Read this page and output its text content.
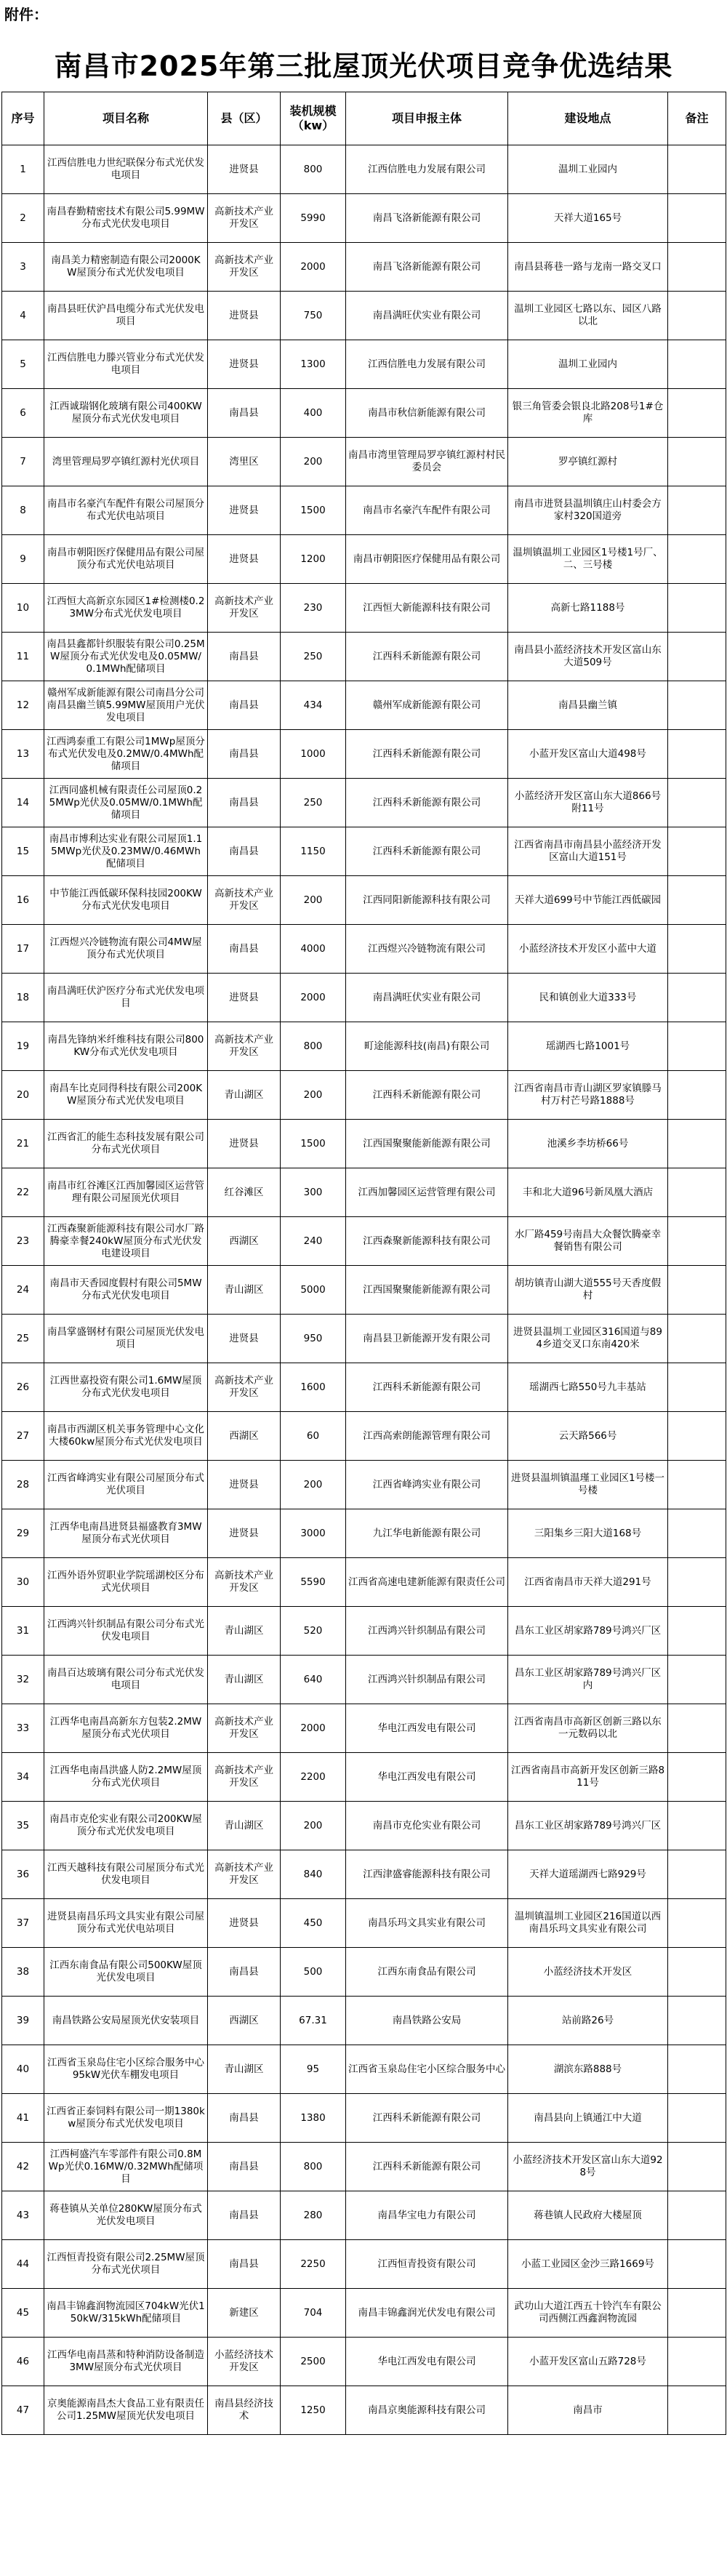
附件：
南昌市2025年第三批屋顶光伏项目竞争优选结果
序号	项目名称	县（区）	装机规模（kw）	项目申报主体	建设地点	备注
1	江西信胜电力世纪联保分布式光伏发电项目	进贤县	800	江西信胜电力发展有限公司	温圳工业园内	
2	南昌春勤精密技术有限公司5.99MW分布式光伏发电项目	高新技术产业开发区	5990	南昌飞洛新能源有限公司	天祥大道165号	
3	南昌美力精密制造有限公司2000KW屋顶分布式光伏发电项目	高新技术产业开发区	2000	南昌飞洛新能源有限公司	南昌县蒋巷一路与龙南一路交叉口	
4	南昌县旺伏沪昌电缆分布式光伏发电项目	进贤县	750	南昌满旺伏实业有限公司	温圳工业园区七路以东、园区八路以北	
5	江西信胜电力滕兴管业分布式光伏发电项目	进贤县	1300	江西信胜电力发展有限公司	温圳工业园内	
6	江西诚瑞钢化玻璃有限公司400KW屋顶分布式光伏发电项目	南昌县	400	南昌市秋信新能源有限公司	银三角管委会银良北路208号1#仓库	
7	湾里管理局罗亭镇红源村光伏项目	湾里区	200	南昌市湾里管理局罗亭镇红源村村民委员会	罗亭镇红源村	
8	南昌市名豪汽车配件有限公司屋顶分布式光伏电站项目	进贤县	1500	南昌市名豪汽车配件有限公司	南昌市进贤县温圳镇庄山村委会方家村320国道旁	
9	南昌市朝阳医疗保健用品有限公司屋顶分布式光伏电站项目	进贤县	1200	南昌市朝阳医疗保健用品有限公司	温圳镇温圳工业园区1号楼1号厂、二、三号楼	
10	江西恒大高新京东园区1#检测楼0.23MW分布式光伏发电项目	高新技术产业开发区	230	江西恒大新能源科技有限公司	高新七路1188号	
11	南昌县鑫都针织服装有限公司0.25MW屋顶分布式光伏发电及0.05MW/0.1MWh配储项目	南昌县	250	江西科禾新能源有限公司	南昌县小蓝经济技术开发区富山东大道509号	
12	赣州军成新能源有限公司南昌分公司南昌县幽兰镇5.99MW屋顶用户光伏发电项目	南昌县	434	赣州军成新能源有限公司	南昌县幽兰镇	
13	江西鸿泰重工有限公司1MWp屋顶分布式光伏发电及0.2MW/0.4MWh配储项目	南昌县	1000	江西科禾新能源有限公司	小蓝开发区富山大道498号	
14	江西同盛机械有限责任公司屋顶0.25MWp光伏及0.05MW/0.1MWh配储项目	南昌县	250	江西科禾新能源有限公司	小蓝经济开发区富山东大道866号附11号	
15	南昌市博利达实业有限公司屋顶1.15MWp光伏及0.23MW/0.46MWh配储项目	南昌县	1150	江西科禾新能源有限公司	江西省南昌市南昌县小蓝经济开发区富山大道151号	
16	中节能江西低碳环保科技园200KW分布式光伏发电项目	高新技术产业开发区	200	江西同阳新能源科技有限公司	天祥大道699号中节能江西低碳园	
17	江西煜兴冷链物流有限公司4MW屋顶分布式光伏项目	南昌县	4000	江西煜兴冷链物流有限公司	小蓝经济技术开发区小蓝中大道	
18	南昌满旺伏沪医疗分布式光伏发电项目	进贤县	2000	南昌满旺伏实业有限公司	民和镇创业大道333号	
19	南昌先锋纳米纤维科技有限公司800KW分布式光伏发电项目	高新技术产业开发区	800	町途能源科技(南昌)有限公司	瑶湖西七路1001号	
20	南昌车比克同得科技有限公司200KW屋顶分布式光伏发电项目	青山湖区	200	江西科禾新能源有限公司	江西省南昌市青山湖区罗家镇滕马村万村芒号路1888号	
21	江西省汇的能生态科技发展有限公司分布式光伏项目	进贤县	1500	江西国聚聚能新能源有限公司	池溪乡李坊桥66号	
22	南昌市红谷滩区江西加馨园区运营管理有限公司屋顶光伏项目	红谷滩区	300	江西加馨园区运营管理有限公司	丰和北大道96号新凤凰大酒店	
23	江西森聚新能源科技有限公司水厂路腾豪幸餐240kW屋顶分布式光伏发电建设项目	西湖区	240	江西森聚新能源科技有限公司	水厂路459号南昌大众餐饮腾豪幸餐销售有限公司	
24	南昌市天香园度假村有限公司5MW分布式光伏发电项目	青山湖区	5000	江西国聚聚能新能源有限公司	胡坊镇青山湖大道555号天香度假村	
25	南昌掌盛钢材有限公司屋顶光伏发电项目	进贤县	950	南昌县卫新能源开发有限公司	进贤县温圳工业园区316国道与894乡道交叉口东南420米	
26	江西世嘉投资有限公司1.6MW屋顶分布式光伏发电项目	高新技术产业开发区	1600	江西科禾新能源有限公司	瑶湖西七路550号九丰基站	
27	南昌市西湖区机关事务管理中心文化大楼60kw屋顶分布式光伏发电项目	西湖区	60	江西高索朗能源管理有限公司	云天路566号	
28	江西省峰鸿实业有限公司屋顶分布式光伏项目	进贤县	200	江西省峰鸿实业有限公司	进贤县温圳镇温瑾工业园区1号楼一号楼	
29	江西华电南昌进贤县福盛教育3MW屋顶分布式光伏项目	进贤县	3000	九江华电新能源有限公司	三阳集乡三阳大道168号	
30	江西外语外贸职业学院瑶湖校区分布式光伏项目	高新技术产业开发区	5590	江西省高速电建新能源有限责任公司	江西省南昌市天祥大道291号	
31	江西鸿兴针织制品有限公司分布式光伏发电项目	青山湖区	520	江西鸿兴针织制品有限公司	昌东工业区胡家路789号鸿兴厂区	
32	南昌百达玻璃有限公司分布式光伏发电项目	青山湖区	640	江西鸿兴针织制品有限公司	昌东工业区胡家路789号鸿兴厂区内	
33	江西华电南昌高新东方包装2.2MW屋顶分布式光伏项目	高新技术产业开发区	2000	华电江西发电有限公司	江西省南昌市高新区创新三路以东一元数码以北	
34	江西华电南昌洪盛人防2.2MW屋顶分布式光伏项目	高新技术产业开发区	2200	华电江西发电有限公司	江西省南昌市高新开发区创新三路811号	
35	南昌市克伦实业有限公司200KW屋顶分布式光伏发电项目	青山湖区	200	南昌市克伦实业有限公司	昌东工业区胡家路789号鸿兴厂区	
36	江西天越科技有限公司屋顶分布式光伏发电项目	高新技术产业开发区	840	江西津盛睿能源科技有限公司	天祥大道瑶湖西七路929号	
37	进贤县南昌乐玛文具实业有限公司屋顶分布式光伏电站项目	进贤县	450	南昌乐玛文具实业有限公司	温圳镇温圳工业园区216国道以西南昌乐玛文具实业有限公司	
38	江西东南食品有限公司500KW屋顶光伏发电项目	南昌县	500	江西东南食品有限公司	小蓝经济技术开发区	
39	南昌铁路公安局屋顶光伏安装项目	西湖区	67.31	南昌铁路公安局	站前路26号	
40	江西省玉泉岛住宅小区综合服务中心95kW光伏车棚发电项目	青山湖区	95	江西省玉泉岛住宅小区综合服务中心	湖滨东路888号	
41	江西省正泰饲料有限公司一期1380kw屋顶分布式光伏发电项目	南昌县	1380	江西科禾新能源有限公司	南昌县向上镇通江中大道	
42	江西柯盛汽车零部件有限公司0.8MWp光伏0.16MW/0.32MWh配储项目	南昌县	800	江西科禾新能源有限公司	小蓝经济技术开发区富山东大道928号	
43	蒋巷镇从关单位280KW屋顶分布式光伏发电项目	南昌县	280	南昌华宝电力有限公司	蒋巷镇人民政府大楼屋顶	
44	江西恒青投资有限公司2.25MW屋顶分布式光伏项目	南昌县	2250	江西恒青投资有限公司	小蓝工业园区金沙三路1669号	
45	南昌丰锦鑫润物流园区704kW光伏150kW/315kWh配储项目	新建区	704	南昌丰锦鑫润光伏发电有限公司	武功山大道江西五十铃汽车有限公司西侧江西鑫润物流园	
46	江西华电南昌蒸和特种消防设备制造3MW屋顶分布式光伏项目	小蓝经济技术开发区	2500	华电江西发电有限公司	小蓝开发区富山五路728号	
47	京奥能源南昌杰大食品工业有限责任公司1.25MW屋顶光伏发电项目	南昌县经济技术	1250	南昌京奥能源科技有限公司	南昌市	
